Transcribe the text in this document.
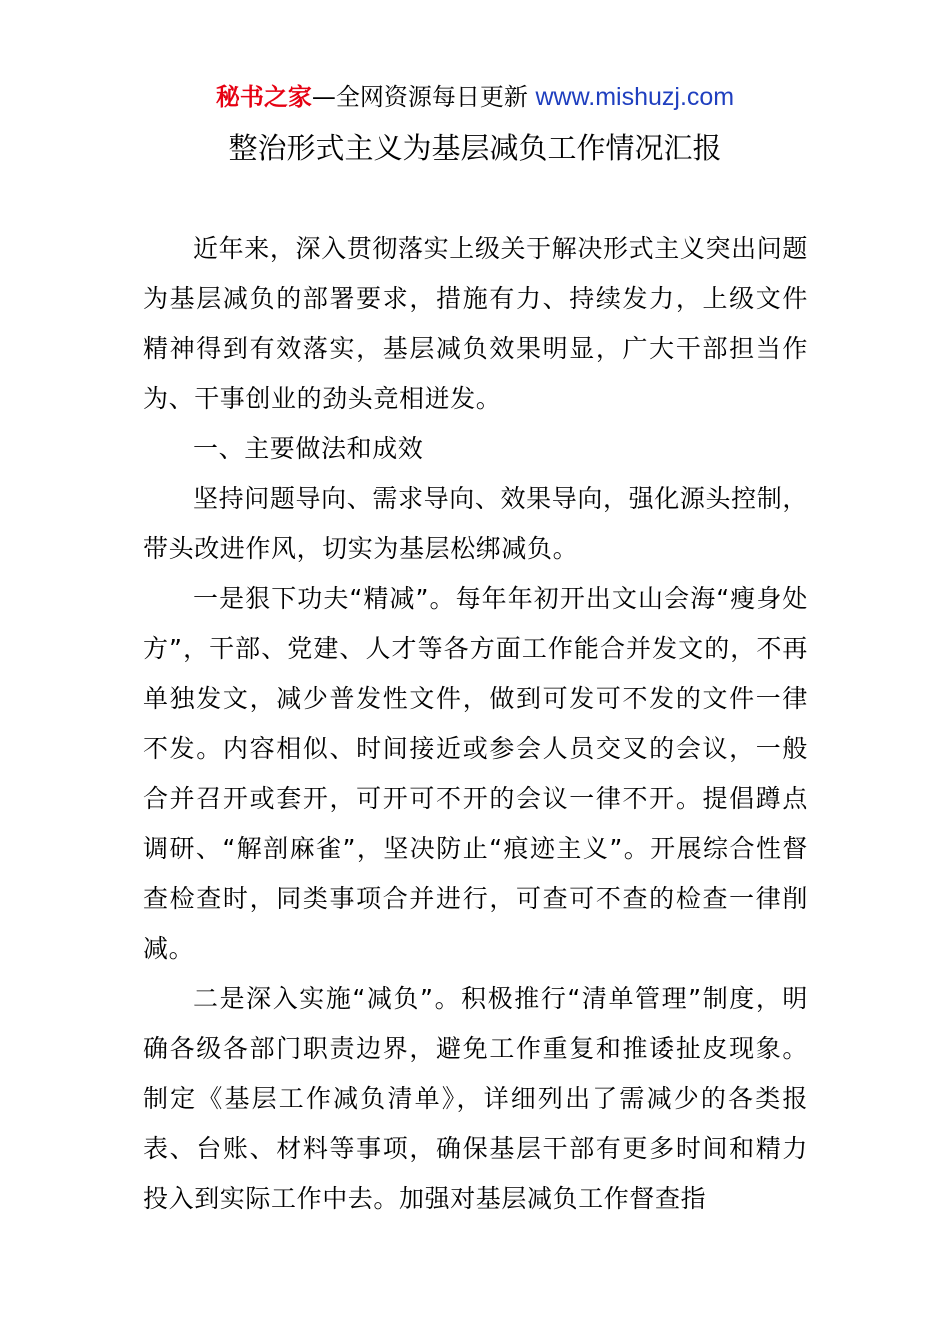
秘书之家—全网资源每日更新 www.mishuzj.com
整治形式主义为基层减负工作情况汇报

近年来，深入贯彻落实上级关于解决形式主义突出问题为基层减负的部署要求，措施有力、持续发力，上级文件精神得到有效落实，基层减负效果明显，广大干部担当作为、干事创业的劲头竞相迸发。

一、主要做法和成效

坚持问题导向、需求导向、效果导向，强化源头控制，带头改进作风，切实为基层松绑减负。

一是狠下功夫“精减”。每年年初开出文山会海“瘦身处方”，干部、党建、人才等各方面工作能合并发文的，不再单独发文，减少普发性文件，做到可发可不发的文件一律不发。内容相似、时间接近或参会人员交叉的会议，一般合并召开或套开，可开可不开的会议一律不开。提倡蹲点调研、“解剖麻雀”，坚决防止“痕迹主义”。开展综合性督查检查时，同类事项合并进行，可查可不查的检查一律削减。

二是深入实施“减负”。积极推行“清单管理”制度，明确各级各部门职责边界，避免工作重复和推诿扯皮现象。制定《基层工作减负清单》，详细列出了需减少的各类报表、台账、材料等事项，确保基层干部有更多时间和精力投入到实际工作中去。加强对基层减负工作督查指
